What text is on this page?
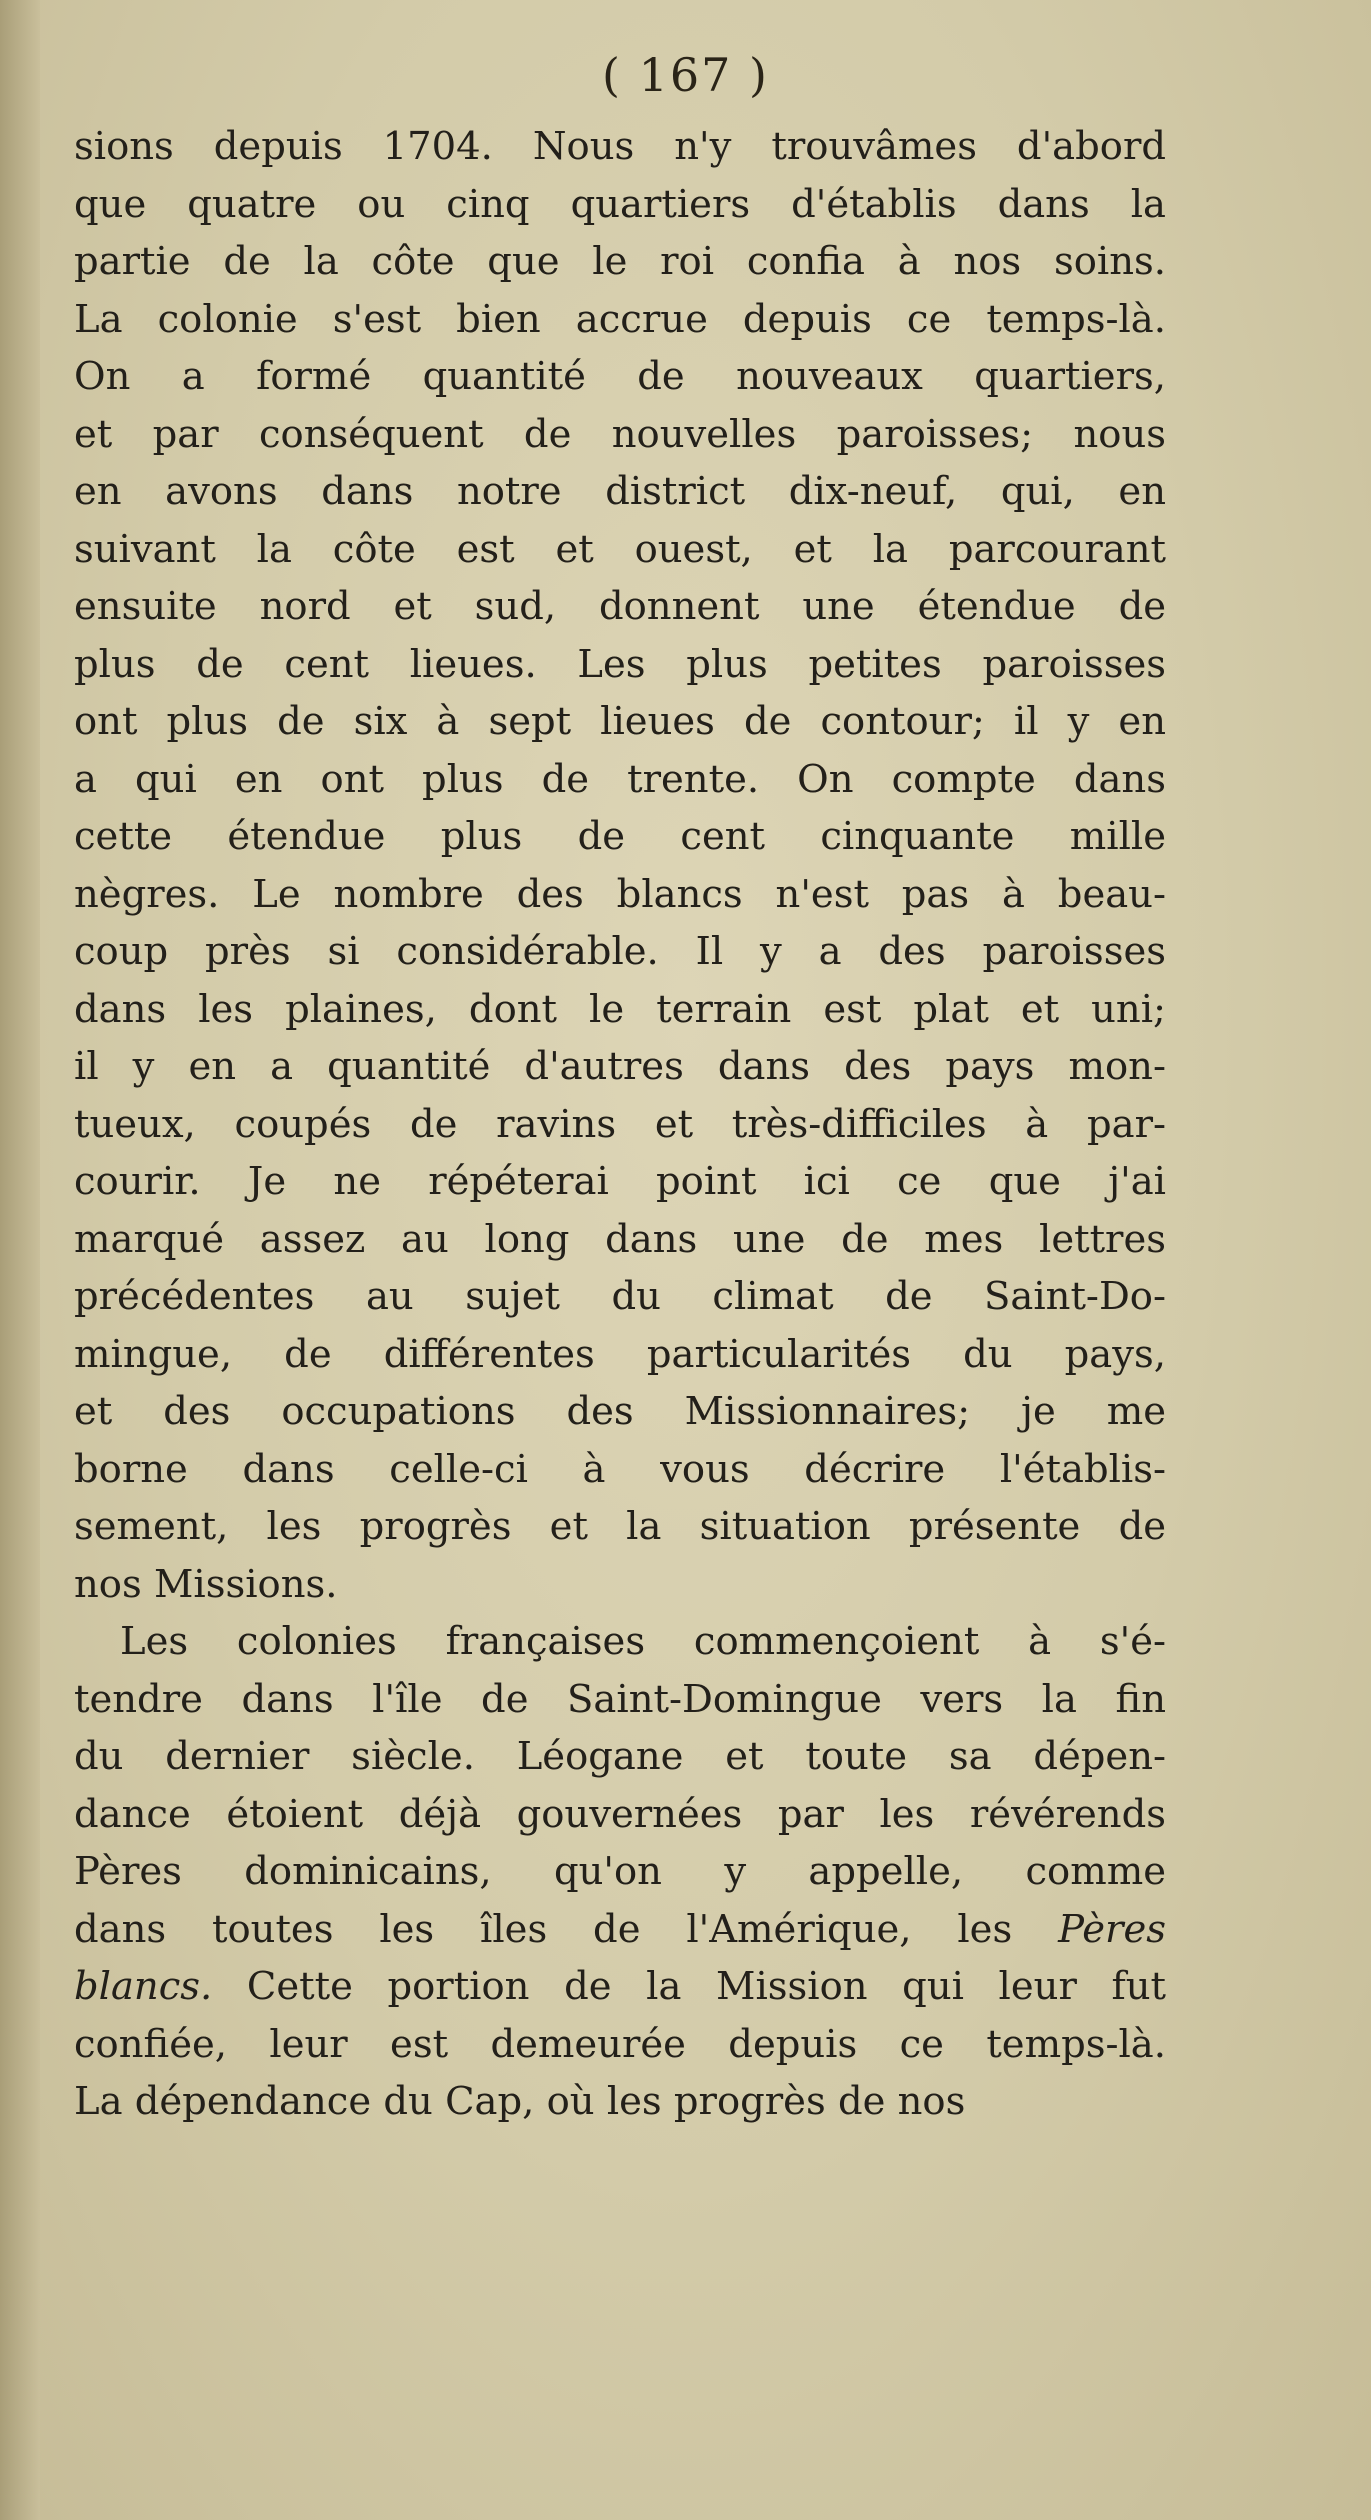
( 167 )
sions depuis 1704. Nous n'y trouvâmes d'abord
que quatre ou cinq quartiers d'établis dans la
partie de la côte que le roi confia à nos soins.
La colonie s'est bien accrue depuis ce temps-là.
On a formé quantité de nouveaux quartiers,
et par conséquent de nouvelles paroisses; nous
en avons dans notre district dix-neuf, qui, en
suivant la côte est et ouest, et la parcourant
ensuite nord et sud, donnent une étendue de
plus de cent lieues. Les plus petites paroisses
ont plus de six à sept lieues de contour; il y en
a qui en ont plus de trente. On compte dans
cette étendue plus de cent cinquante mille
nègres. Le nombre des blancs n'est pas à beau-
coup près si considérable. Il y a des paroisses
dans les plaines, dont le terrain est plat et uni;
il y en a quantité d'autres dans des pays mon-
tueux, coupés de ravins et très-difficiles à par-
courir. Je ne répéterai point ici ce que j'ai
marqué assez au long dans une de mes lettres
précédentes au sujet du climat de Saint-Do-
mingue, de différentes particularités du pays,
et des occupations des Missionnaires; je me
borne dans celle-ci à vous décrire l'établis-
sement, les progrès et la situation présente de
nos Missions.
Les colonies françaises commençoient à s'é-
tendre dans l'île de Saint-Domingue vers la fin
du dernier siècle. Léogane et toute sa dépen-
dance étoient déjà gouvernées par les révérends
Pères dominicains, qu'on y appelle, comme
dans toutes les îles de l'Amérique, les Pères
blancs. Cette portion de la Mission qui leur fut
confiée, leur est demeurée depuis ce temps-là.
La dépendance du Cap, où les progrès de nos
